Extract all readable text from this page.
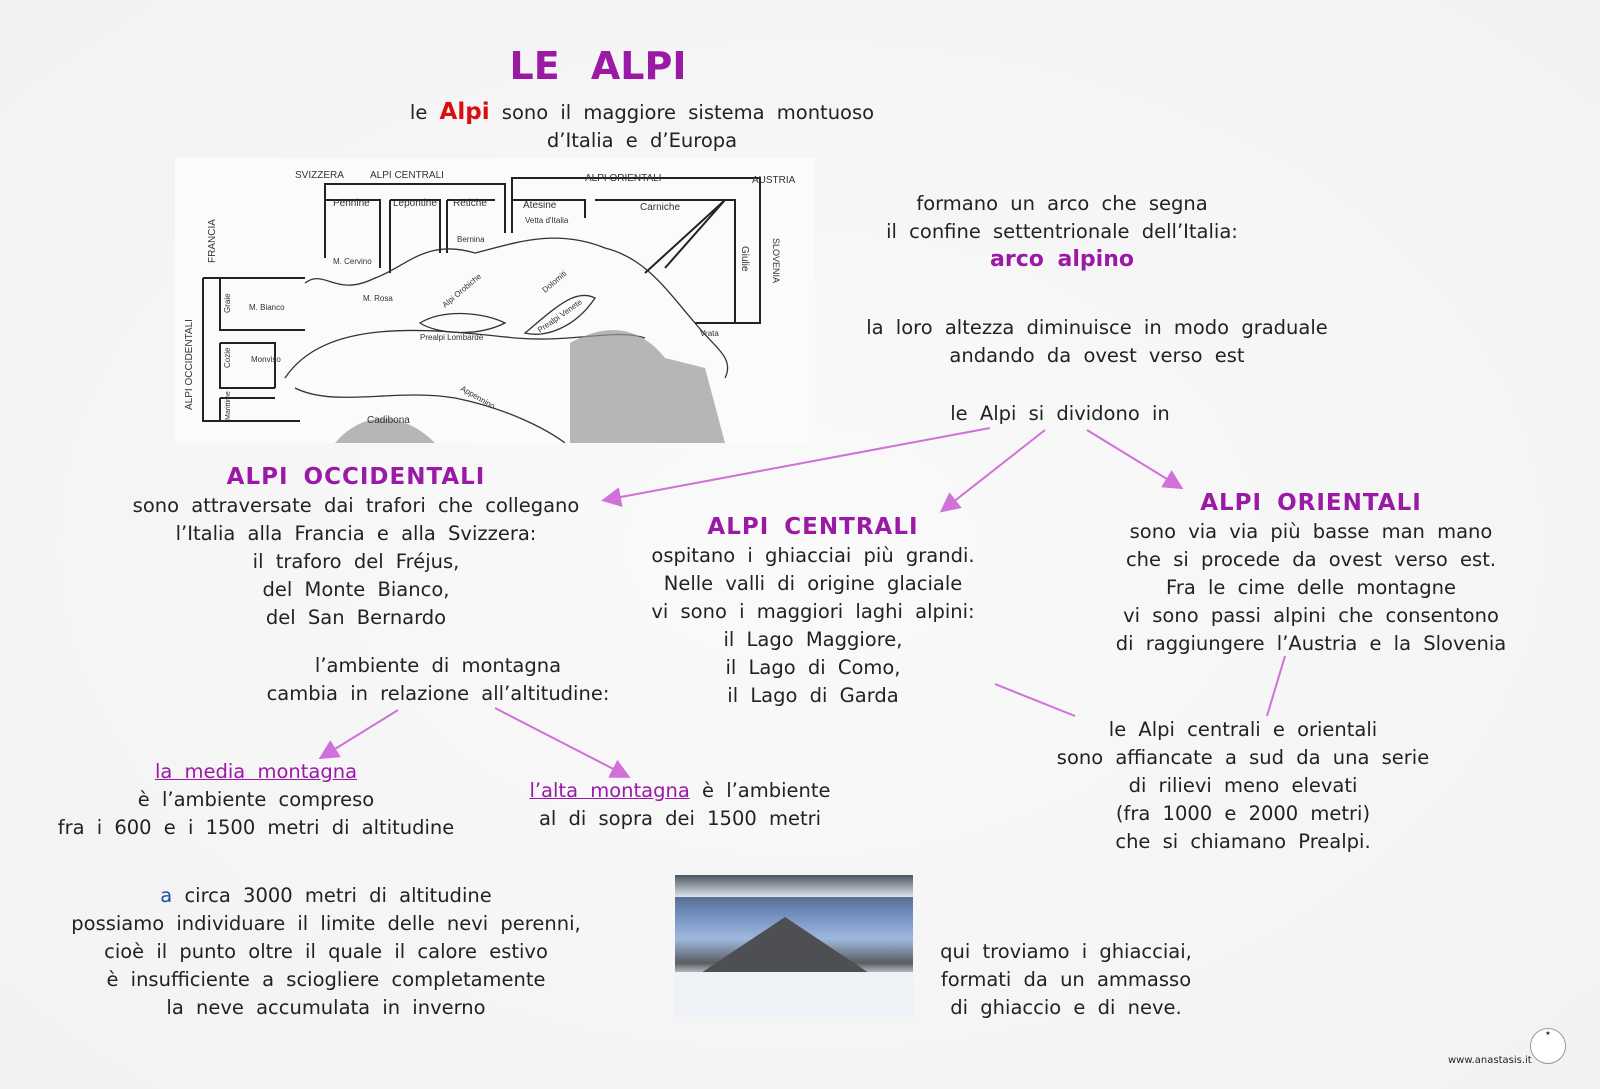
LE ALPI
le Alpi sono il maggiore sistema montuoso
d’Italia e d’Europa
SVIZZERA	ALPI CENTRALI	ALPI ORIENTALI	AUSTRIA
FRANCIA
ALPI OCCIDENTALI
SLOVENIA
Pennine Lepontine Retiche	Atesine
Vetta d'Italia
Carniche
Giulie
Bernina
M. Cervino
M. Rosa	Alpi Orobiche	Dolomiti
Prealpi Venete
Prealpi Lombarde
Graie M. Bianco
Cozie Monviso
Marittime	Appennino
Cadibona
Vrata
formano un arco che segna
il confine settentrionale dell’Italia:
arco alpino
la loro altezza diminuisce in modo graduale
andando da ovest verso est
le Alpi si dividono in
ALPI OCCIDENTALI
sono attraversate dai trafori che collegano
l’Italia alla Francia e alla Svizzera:
il traforo del Fréjus,
del Monte Bianco,
del San Bernardo
ALPI CENTRALI
ospitano i ghiacciai più grandi.
Nelle valli di origine glaciale
vi sono i maggiori laghi alpini:
il Lago Maggiore,
il Lago di Como,
il Lago di Garda
ALPI ORIENTALI
sono via via più basse man mano
che si procede da ovest verso est.
Fra le cime delle montagne
vi sono passi alpini che consentono
di raggiungere l’Austria e la Slovenia
l’ambiente di montagna
cambia in relazione all’altitudine:
la media montagna
è l’ambiente compreso
fra i 600 e i 1500 metri di altitudine
l’alta montagna è l’ambiente
al di sopra dei 1500 metri
le Alpi centrali e orientali
sono affiancate a sud da una serie
di rilievi meno elevati
(fra 1000 e 2000 metri)
che si chiamano Prealpi.
a circa 3000 metri di altitudine
possiamo individuare il limite delle nevi perenni,
cioè il punto oltre il quale il calore estivo
è insufficiente a sciogliere completamente
la neve accumulata in inverno
qui troviamo i ghiacciai,
formati da un ammasso
di ghiaccio e di neve.
★
www.anastasis.it
